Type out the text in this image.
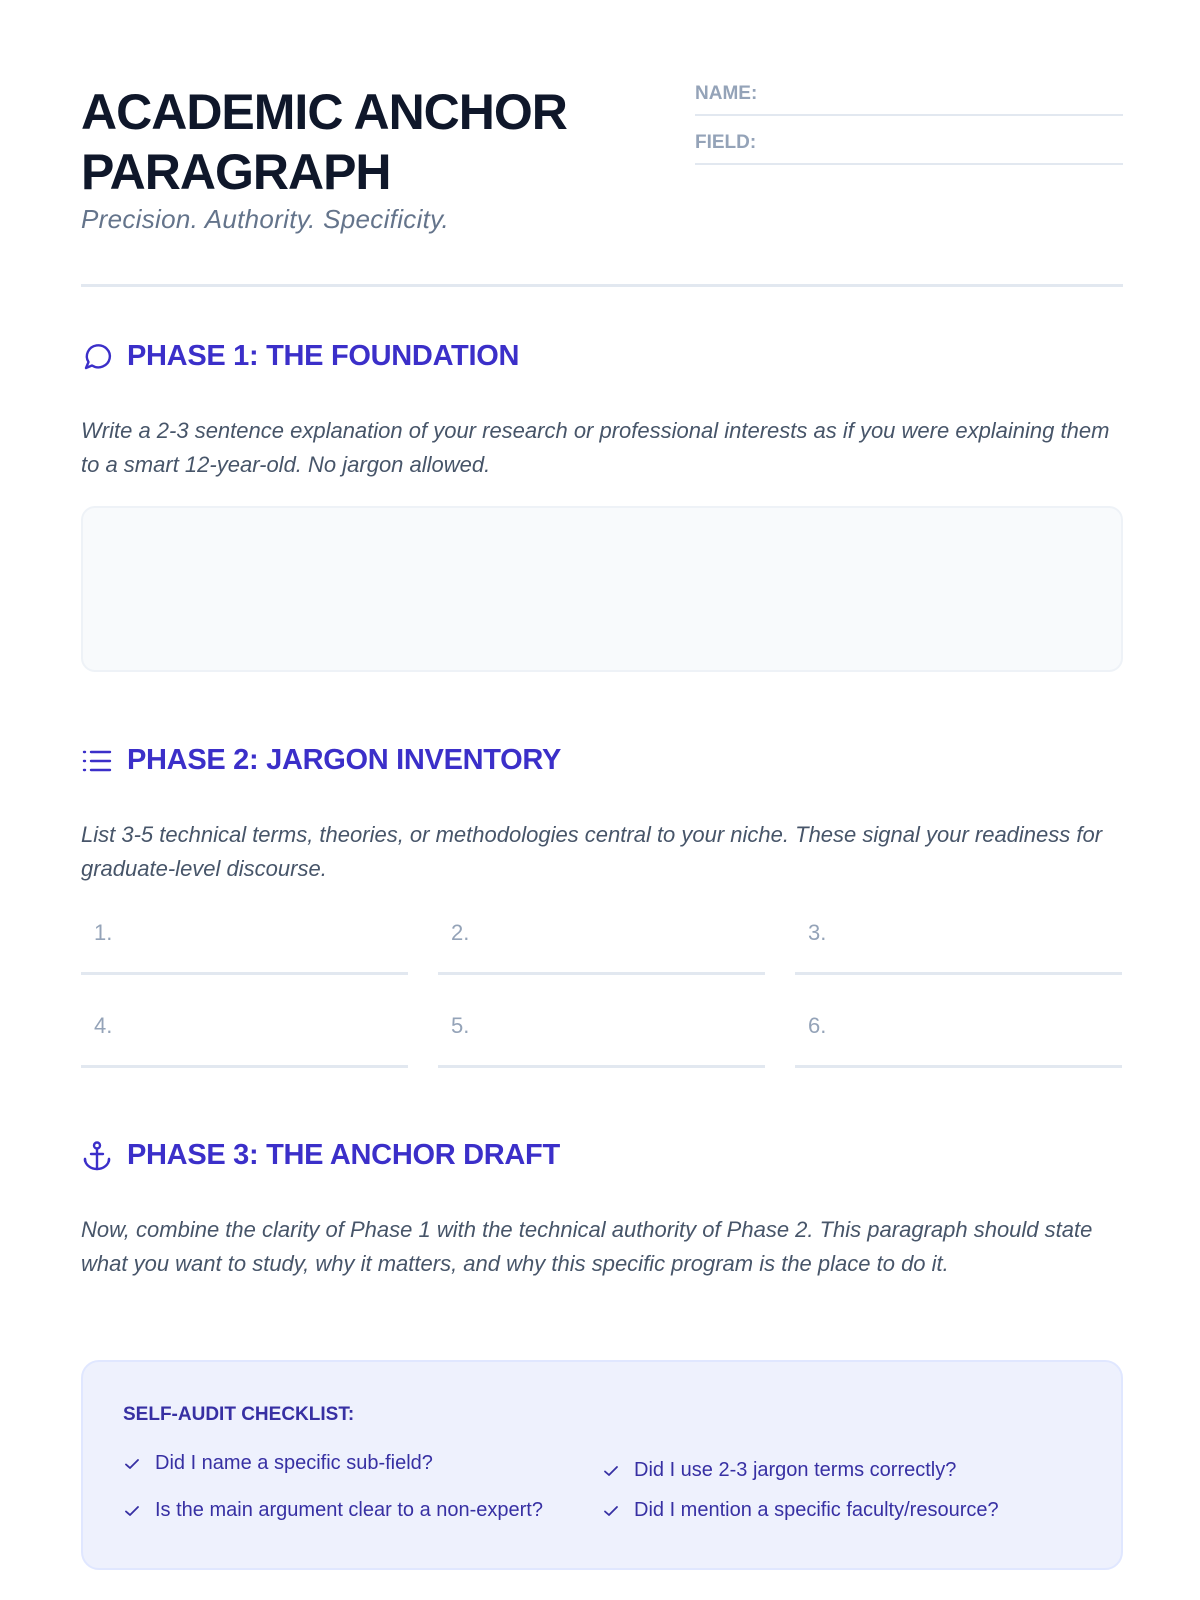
ACADEMIC ANCHOR PARAGRAPH
Precision. Authority. Specificity.
NAME:
FIELD:
PHASE 1: THE FOUNDATION
Write a 2-3 sentence explanation of your research or professional interests as if you were explaining them to a smart 12-year-old. No jargon allowed.
PHASE 2: JARGON INVENTORY
List 3-5 technical terms, theories, or methodologies central to your niche. These signal your readiness for graduate-level discourse.
1.	2.	3.
4.	5.	6.
PHASE 3: THE ANCHOR DRAFT
Now, combine the clarity of Phase 1 with the technical authority of Phase 2. This paragraph should state what you want to study, why it matters, and why this specific program is the place to do it.
SELF-AUDIT CHECKLIST:
Did I name a specific sub-field?	Did I use 2-3 jargon terms correctly?
Is the main argument clear to a non-expert?	Did I mention a specific faculty/resource?
